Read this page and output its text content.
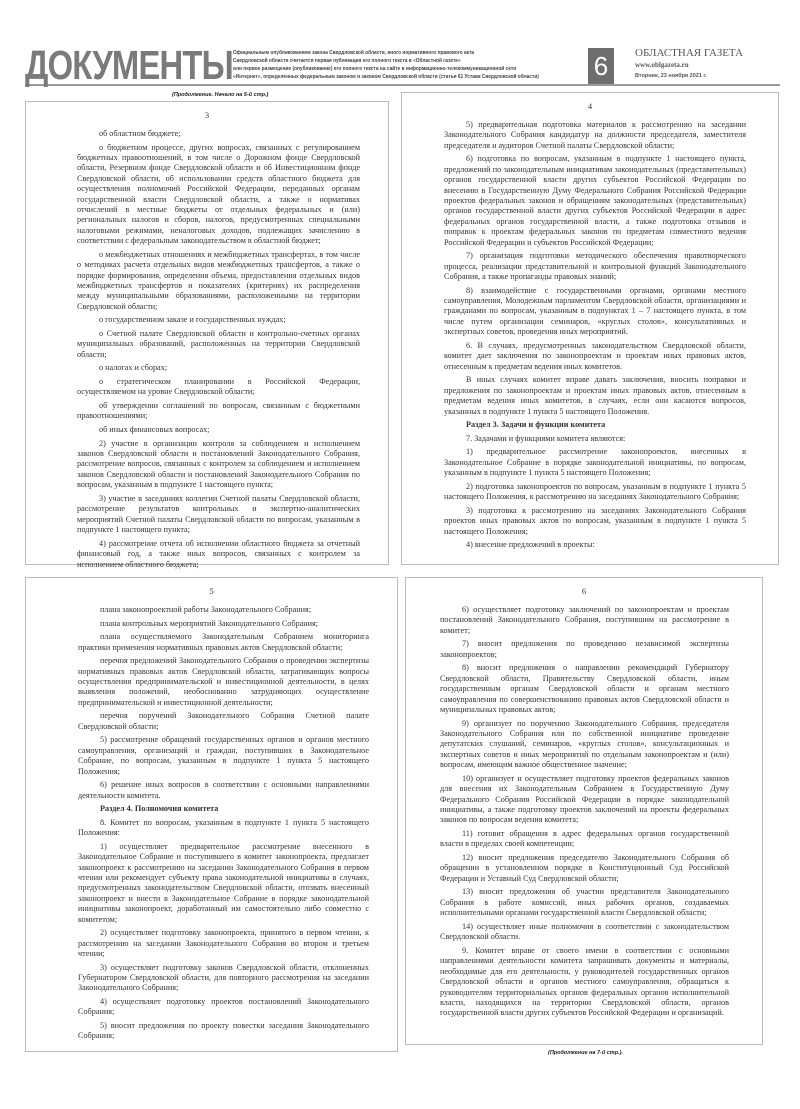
ДОКУМЕНТЫ Официальным опубликованием закона Свердловской области, иного нормативного правового акта
Свердловской области считается первая публикация его полного текста в «Областной газете»
или первое размещение (опубликование) его полного текста на сайте в информационно-телекоммуникационной сети
«Интернет», определенных федеральным законом и законом Свердловской области (статья 61 Устава Свердловской области) 6	ОБЛАСТНАЯ ГАЗЕТА
www.oblgazeta.ru
Вторник, 23 ноября 2021 г.
(Продолжение. Начало на 5-й стр.)
3

об областном бюджете;

о бюджетном процессе, других вопросах, связанных с регулированием бюджетных правоотношений, в том числе о Дорожном фонде Свердловской области, Резервном фонде Свердловской области и об Инвестиционном фонде Свердловской области, об использовании средств областного бюджета для осуществления полномочий Российской Федерации, переданных органам государственной власти Свердловской области, а также о нормативах отчислений в местные бюджеты от отдельных федеральных и (или) региональных налогов и сборов, налогов, предусмотренных специальными налоговыми режимами, неналоговых доходов, подлежащих зачислению в соответствии с федеральным законодательством в областной бюджет;

о межбюджетных отношениях и межбюджетных трансфертах, в том числе о методиках расчета отдельных видов межбюджетных трансфертов, а также о порядке формирования, определения объема, предоставления отдельных видов межбюджетных трансфертов и показателях (критериях) их распределения между муниципальными образованиями, расположенными на территории Свердловской области;

о государственном заказе и государственных нуждах;

о Счетной палате Свердловской области и контрольно-счетных органах муниципальных образований, расположенных на территории Свердловской области;

о налогах и сборах;

о стратегическом планировании в Российской Федерации, осуществляемом на уровне Свердловской области;

об утверждении соглашений по вопросам, связанным с бюджетными правоотношениями;

об иных финансовых вопросах;

2) участие в организации контроля за соблюдением и исполнением законов Свердловской области и постановлений Законодательного Собрания, рассмотрение вопросов, связанных с контролем за соблюдением и исполнением законов Свердловской области и постановлений Законодательного Собрания по вопросам, указанным в подпункте 1 настоящего пункта;

3) участие в заседаниях коллегии Счетной палаты Свердловской области, рассмотрение результатов контрольных и экспертно-аналитических мероприятий Счетной палаты Свердловской области по вопросам, указанным в подпункте 1 настоящего пункта;

4) рассмотрение отчета об исполнении областного бюджета за отчетный финансовый год, а также иных вопросов, связанных с контролем за исполнением областного бюджета;

4

5) предварительная подготовка материалов к рассмотрению на заседании Законодательного Собрания кандидатур на должности председателя, заместителя председателя и аудиторов Счетной палаты Свердловской области;

6) подготовка по вопросам, указанным в подпункте 1 настоящего пункта, предложений по законодательным инициативам законодательных (представительных) органов государственной власти других субъектов Российской Федерации по внесению в Государственную Думу Федерального Собрания Российской Федерации проектов федеральных законов и обращениям законодательных (представительных) органов государственной власти других субъектов Российской Федерации в адрес федеральных органов государственной власти, а также подготовка отзывов и поправок к проектам федеральных законов по предметам совместного ведения Российской Федерации и субъектов Российской Федерации;

7) организация подготовки методического обеспечения правотворческого процесса, реализации представительной и контрольной функций Законодательного Собрания, а также пропаганды правовых знаний;

8) взаимодействие с государственными органами, органами местного самоуправления, Молодежным парламентом Свердловской области, организациями и гражданами по вопросам, указанным в подпунктах 1 – 7 настоящего пункта, в том числе путем организации семинаров, «круглых столов», консультативных и экспертных советов, проведения иных мероприятий.

6. В случаях, предусмотренных законодательством Свердловской области, комитет дает заключения по законопроектам и проектам иных правовых актов, отнесенным к предметам ведения иных комитетов.

В иных случаях комитет вправе давать заключения, вносить поправки и предложения по законопроектам и проектам иных правовых актов, отнесенным к предметам ведения иных комитетов, в случаях, если они касаются вопросов, указанных в подпункте 1 пункта 5 настоящего Положения.

Раздел 3. Задачи и функции комитета

7. Задачами и функциями комитета являются:

1) предварительное рассмотрение законопроектов, внесенных в Законодательное Собрание в порядке законодательной инициативы, по вопросам, указанным в подпункте 1 пункта 5 настоящего Положения;

2) подготовка законопроектов по вопросам, указанным в подпункте 1 пункта 5 настоящего Положения, к рассмотрению на заседаниях Законодательного Собрания;

3) подготовка к рассмотрению на заседаниях Законодательного Собрания проектов иных правовых актов по вопросам, указанным в подпункте 1 пункта 5 настоящего Положения;

4) внесение предложений в проекты:

5

плана законопроектной работы Законодательного Собрания;

плана контрольных мероприятий Законодательного Собрания;

плана осуществляемого Законодательным Собранием мониторинга практики применения нормативных правовых актов Свердловской области;

перечня предложений Законодательного Собрания о проведении экспертизы нормативных правовых актов Свердловской области, затрагивающих вопросы осуществления предпринимательской и инвестиционной деятельности, в целях выявления положений, необоснованно затрудняющих осуществление предпринимательской и инвестиционной деятельности;

перечня поручений Законодательного Собрания Счетной палате Свердловской области;

5) рассмотрение обращений государственных органов и органов местного самоуправления, организаций и граждан, поступивших в Законодательное Собрание, по вопросам, указанным в подпункте 1 пункта 5 настоящего Положения;

6) решение иных вопросов в соответствии с основными направлениями деятельности комитета.

Раздел 4. Полномочия комитета

8. Комитет по вопросам, указанным в подпункте 1 пункта 5 настоящего Положения:

1) осуществляет предварительное рассмотрение внесенного в Законодательное Собрание и поступившего в комитет законопроекта, предлагает законопроект к рассмотрению на заседании Законодательного Собрания в первом чтении или рекомендует субъекту права законодательной инициативы в случаях, предусмотренных законодательством Свердловской области, отозвать внесенный законопроект и внести в Законодательное Собрание в порядке законодательной инициативы законопроект, доработанный им самостоятельно либо совместно с комитетом;

2) осуществляет подготовку законопроекта, принятого в первом чтении, к рассмотрению на заседании Законодательного Собрания во втором и третьем чтении;

3) осуществляет подготовку законов Свердловской области, отклоненных Губернатором Свердловской области, для повторного рассмотрения на заседании Законодательного Собрания;

4) осуществляет подготовку проектов постановлений Законодательного Собрания;

5) вносит предложения по проекту повестки заседания Законодательного Собрания;

6

6) осуществляет подготовку заключений по законопроектам и проектам постановлений Законодательного Собрания, поступившим на рассмотрение в комитет;

7) вносит предложения по проведению независимой экспертизы законопроектов;

8) вносит предложения о направлении рекомендаций Губернатору Свердловской области, Правительству Свердловской области, иным государственным органам Свердловской области и органам местного самоуправления по совершенствованию правовых актов Свердловской области и муниципальных правовых актов;

9) организует по поручению Законодательного Собрания, председателя Законодательного Собрания или по собственной инициативе проведение депутатских слушаний, семинаров, «круглых столов», консультационных и экспертных советов и иных мероприятий по отдельным законопроектам и (или) вопросам, имеющим важное общественное значение;

10) организует и осуществляет подготовку проектов федеральных законов для внесения их Законодательным Собранием в Государственную Думу Федерального Собрания Российской Федерации в порядке законодательной инициативы, а также подготовку проектов заключений на проекты федеральных законов по вопросам ведения комитета;

11) готовит обращения в адрес федеральных органов государственной власти в пределах своей компетенции;

12) вносит предложения председателю Законодательного Собрания об обращении в установленном порядке в Конституционный Суд Российской Федерации и Уставный Суд Свердловской области;

13) вносит предложения об участии представителя Законодательного Собрания в работе комиссий, иных рабочих органов, создаваемых исполнительными органами государственной власти Свердловской области;

14) осуществляет иные полномочия в соответствии с законодательством Свердловской области.

9. Комитет вправе от своего имени в соответствии с основными направлениями деятельности комитета запрашивать документы и материалы, необходимые для его деятельности, у руководителей государственных органов Свердловской области и органов местного самоуправления, обращаться к руководителям территориальных органов федеральных органов исполнительной власти, находящихся на территории Свердловской области, органов государственной власти других субъектов Российской Федерации и организаций.

(Продолжение на 7-й стр.).
